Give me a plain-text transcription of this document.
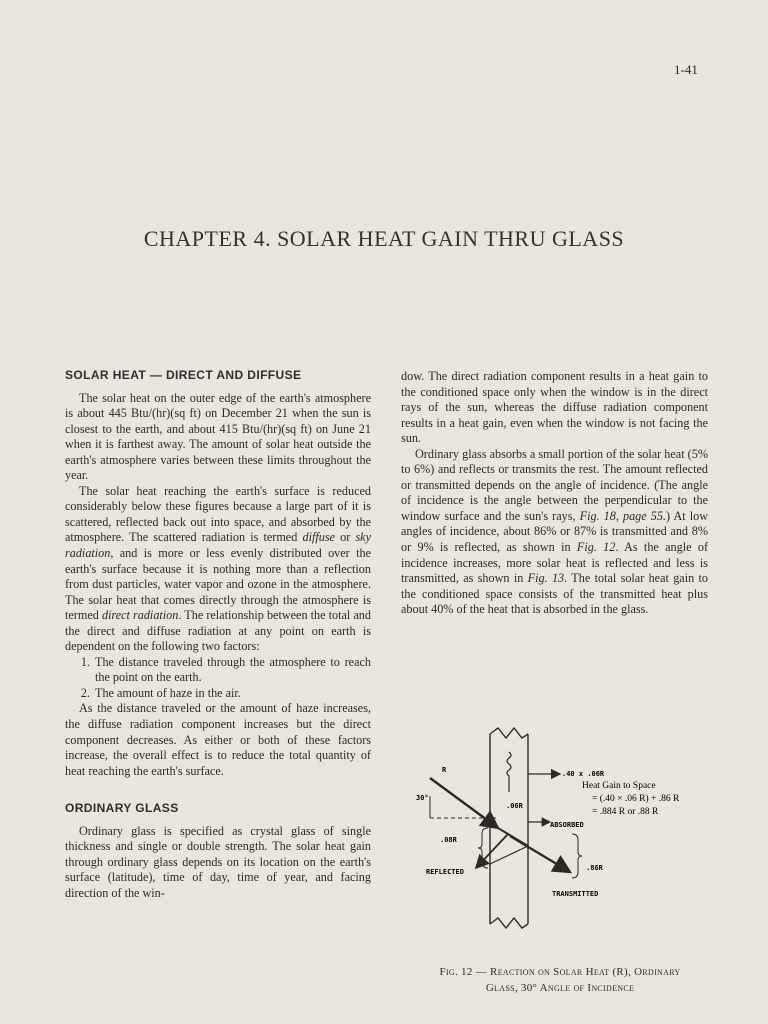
1-41
CHAPTER 4. SOLAR HEAT GAIN THRU GLASS
SOLAR HEAT — DIRECT AND DIFFUSE

The solar heat on the outer edge of the earth's atmosphere is about 445 Btu/(hr)(sq ft) on December 21 when the sun is closest to the earth, and about 415 Btu/(hr)(sq ft) on June 21 when it is farthest away. The amount of solar heat outside the earth's atmosphere varies between these limits throughout the year.

The solar heat reaching the earth's surface is reduced considerably below these figures because a large part of it is scattered, reflected back out into space, and absorbed by the atmosphere. The scattered radiation is termed diffuse or sky radiation, and is more or less evenly distributed over the earth's surface because it is nothing more than a reflection from dust particles, water vapor and ozone in the atmosphere. The solar heat that comes directly through the atmosphere is termed direct radiation. The relationship between the total and the direct and diffuse radiation at any point on earth is dependent on the following two factors:

1. The distance traveled through the atmosphere to reach the point on the earth.
2. The amount of haze in the air.

As the distance traveled or the amount of haze increases, the diffuse radiation component increases but the direct component decreases. As either or both of these factors increase, the overall effect is to reduce the total quantity of heat reaching the earth's surface.

ORDINARY GLASS

Ordinary glass is specified as crystal glass of single thickness and single or double strength. The solar heat gain through ordinary glass depends on its location on the earth's surface (latitude), time of day, time of year, and facing direction of the win-

dow. The direct radiation component results in a heat gain to the conditioned space only when the window is in the direct rays of the sun, whereas the diffuse radiation component results in a heat gain, even when the window is not facing the sun.

Ordinary glass absorbs a small portion of the solar heat (5% to 6%) and reflects or transmits the rest. The amount reflected or transmitted depends on the angle of incidence. (The angle of incidence is the angle between the perpendicular to the window surface and the sun's rays, Fig. 18, page 55.) At low angles of incidence, about 86% or 87% is transmitted and 8% or 9% is reflected, as shown in Fig. 12. As the angle of incidence increases, more solar heat is reflected and less is transmitted, as shown in Fig. 13. The total solar heat gain to the conditioned space consists of the transmitted heat plus about 40% of the heat that is absorbed in the glass.

R
30°
.40 x .06R
Heat Gain to Space
= (.40 × .06 R) + .86 R
= .884 R or .88 R
.06R
ABSORBED
.08R
REFLECTED	.86R
TRANSMITTED
Fig. 12 — Reaction on Solar Heat (R), Ordinary
Glass, 30° Angle of Incidence
